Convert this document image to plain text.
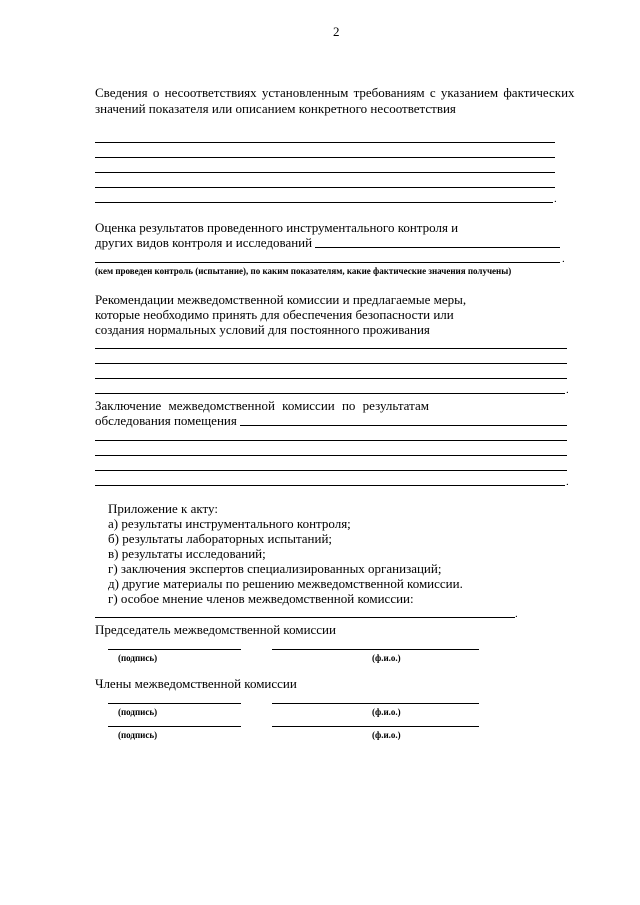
2
Сведения о несоответствиях установленным требованиям с указанием фактических
значений показателя или описанием конкретного несоответствия
.
Оценка результатов проведенного инструментального контроля и
других видов контроля и исследований
.
(кем проведен контроль (испытание), по каким показателям, какие фактические значения получены)
Рекомендации межведомственной комиссии и предлагаемые меры,
которые необходимо принять для обеспечения безопасности или
создания нормальных условий для постоянного проживания
.
Заключение межведомственной комиссии по результатам
обследования помещения
.
Приложение к акту:
а) результаты инструментального контроля;
б) результаты лабораторных испытаний;
в) результаты исследований;
г) заключения экспертов специализированных организаций;
д) другие материалы по решению межведомственной комиссии.
г) особое мнение членов межведомственной комиссии:
.
Председатель межведомственной комиссии
(подпись)	(ф.и.о.)
Члены межведомственной комиссии
(подпись)	(ф.и.о.)
(подпись)	(ф.и.о.)
